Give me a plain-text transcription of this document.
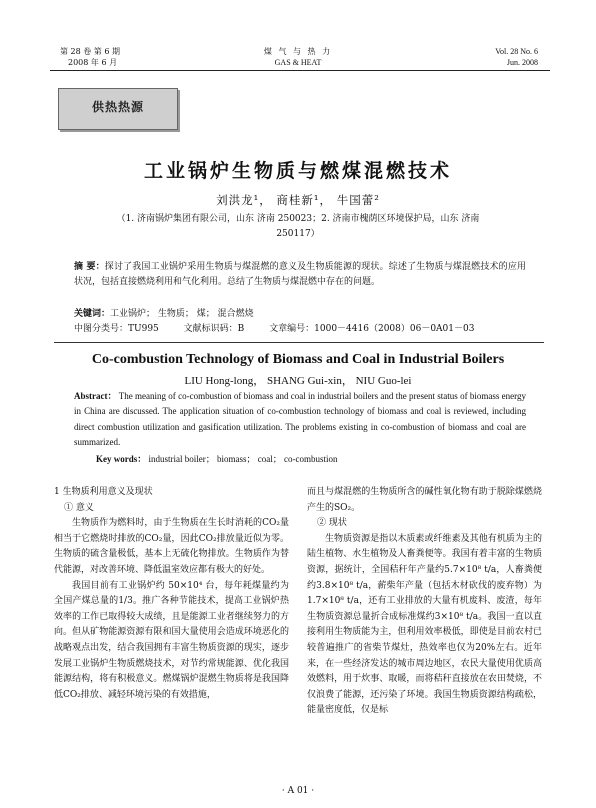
第 28 卷 第 6 期
2008 年 6 月
煤 气 与 热 力
GAS & HEAT
Vol. 28 No. 6
Jun. 2008
供热热源
工业锅炉生物质与燃煤混燃技术
刘洪龙¹， 商桂新¹， 牛国蕾²
（1. 济南锅炉集团有限公司，山东 济南 250023；2. 济南市槐荫区环境保护局，山东 济南 250117）
摘 要：探讨了我国工业锅炉采用生物质与煤混燃的意义及生物质能源的现状。综述了生物质与煤混燃技术的应用状况，包括直接燃烧利用和气化利用。总结了生物质与煤混燃中存在的问题。
关键词：工业锅炉； 生物质； 煤； 混合燃烧
中图分类号：TU995	文献标识码：B	文章编号：1000－4416（2008）06－0A01－03
Co-combustion Technology of Biomass and Coal in Industrial Boilers
LIU Hong-long， SHANG Gui-xin， NIU Guo-lei
Abstract： The meaning of co-combustion of biomass and coal in industrial boilers and the present status of biomass energy in China are discussed. The application situation of co-combustion technology of biomass and coal is reviewed, including direct combustion utilization and gasification utilization. The problems existing in co-combustion of biomass and coal are summarized.
Key words： industrial boiler； biomass； coal； co-combustion

1 生物质利用意义及现状

① 意义

生物质作为燃料时，由于生物质在生长时消耗的CO₂量相当于它燃烧时排放的CO₂量，因此CO₂排放量近似为零。生物质的硫含量极低，基本上无硫化物排放。生物质作为替代能源，对改善环境、降低温室效应都有极大的好处。

我国目前有工业锅炉约 50×10⁴ 台，每年耗煤量约为全国产煤总量的1/3。推广各种节能技术，提高工业锅炉热效率的工作已取得较大成绩，且是能源工业者继续努力的方向。但从矿物能源资源有限和国大量使用会造成环境恶化的战略观点出发，结合我国拥有丰富生物质资源的现实，逐步发展工业锅炉生物质燃烧技术，对节约常规能源、优化我国能源结构，将有积极意义。燃煤锅炉混燃生物质将是我国降低CO₂排放、减轻环境污染的有效措施，

而且与煤混燃的生物质所含的碱性氧化物有助于脱除煤燃烧产生的SO₂。

② 现状

生物质资源是指以木质素或纤维素及其他有机质为主的陆生植物、水生植物及人畜粪便等。我国有着丰富的生物质资源，据统计，全国秸秆年产量约5.7×10⁸ t/a，人畜粪便约3.8×10⁸ t/a，薪柴年产量（包括木材砍伐的废弃物）为1.7×10⁸ t/a，还有工业排放的大量有机废料、废渣，每年生物质资源总量折合成标准煤约3×10⁸ t/a。我国一直以直接利用生物质能为主，但利用效率极低，即使是目前农村已较普遍推广的省柴节煤灶，热效率也仅为20%左右。近年来，在一些经济发达的城市周边地区，农民大量使用优质高效燃料，用于炊事、取暖，而将秸秆直接放在农田焚烧，不仅浪费了能源，还污染了环境。我国生物质资源结构疏松，能量密度低，仅是标

· A 01 ·
